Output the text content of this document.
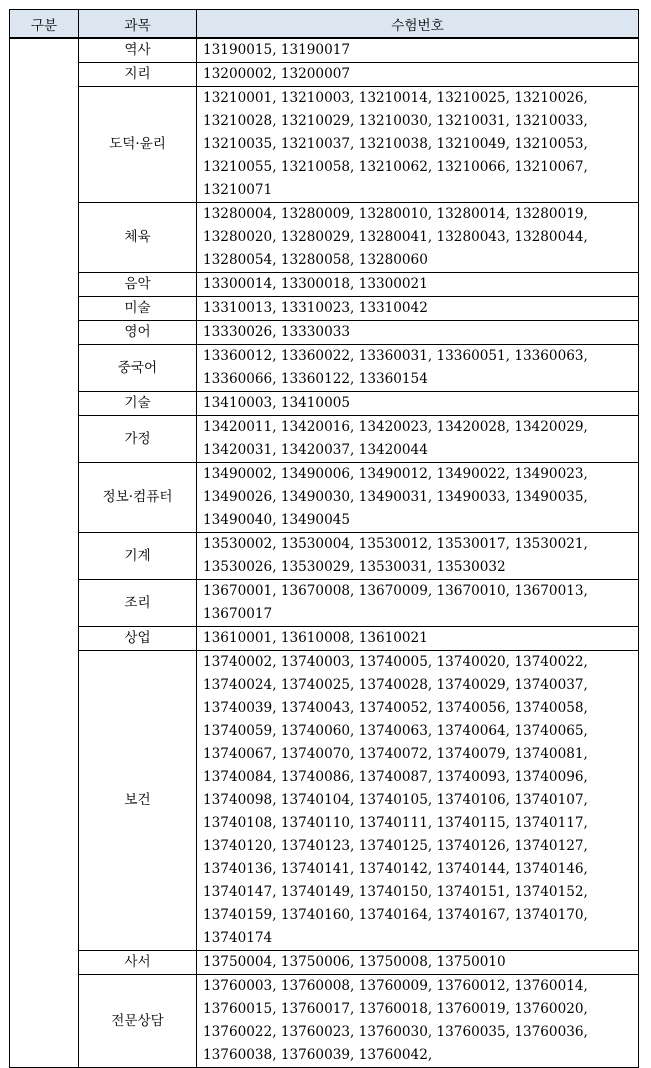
구분	과목	수험번호
	역사	13190015, 13190017
	지리	13200002, 13200007
	도덕·윤리	13210001, 13210003, 13210014, 13210025, 13210026, 13210028, 13210029, 13210030, 13210031, 13210033, 13210035, 13210037, 13210038, 13210049, 13210053, 13210055, 13210058, 13210062, 13210066, 13210067, 13210071
	체육	13280004, 13280009, 13280010, 13280014, 13280019, 13280020, 13280029, 13280041, 13280043, 13280044, 13280054, 13280058, 13280060
	음악	13300014, 13300018, 13300021
	미술	13310013, 13310023, 13310042
	영어	13330026, 13330033
	중국어	13360012, 13360022, 13360031, 13360051, 13360063, 13360066, 13360122, 13360154
	기술	13410003, 13410005
	가정	13420011, 13420016, 13420023, 13420028, 13420029, 13420031, 13420037, 13420044
	정보·컴퓨터	13490002, 13490006, 13490012, 13490022, 13490023, 13490026, 13490030, 13490031, 13490033, 13490035, 13490040, 13490045
	기계	13530002, 13530004, 13530012, 13530017, 13530021, 13530026, 13530029, 13530031, 13530032
	조리	13670001, 13670008, 13670009, 13670010, 13670013, 13670017
	상업	13610001, 13610008, 13610021
	보건	13740002, 13740003, 13740005, 13740020, 13740022, 13740024, 13740025, 13740028, 13740029, 13740037, 13740039, 13740043, 13740052, 13740056, 13740058, 13740059, 13740060, 13740063, 13740064, 13740065, 13740067, 13740070, 13740072, 13740079, 13740081, 13740084, 13740086, 13740087, 13740093, 13740096, 13740098, 13740104, 13740105, 13740106, 13740107, 13740108, 13740110, 13740111, 13740115, 13740117, 13740120, 13740123, 13740125, 13740126, 13740127, 13740136, 13740141, 13740142, 13740144, 13740146, 13740147, 13740149, 13740150, 13740151, 13740152, 13740159, 13740160, 13740164, 13740167, 13740170, 13740174
	사서	13750004, 13750006, 13750008, 13750010
	전문상담	13760003, 13760008, 13760009, 13760012, 13760014, 13760015, 13760017, 13760018, 13760019, 13760020, 13760022, 13760023, 13760030, 13760035, 13760036, 13760038, 13760039, 13760042,
